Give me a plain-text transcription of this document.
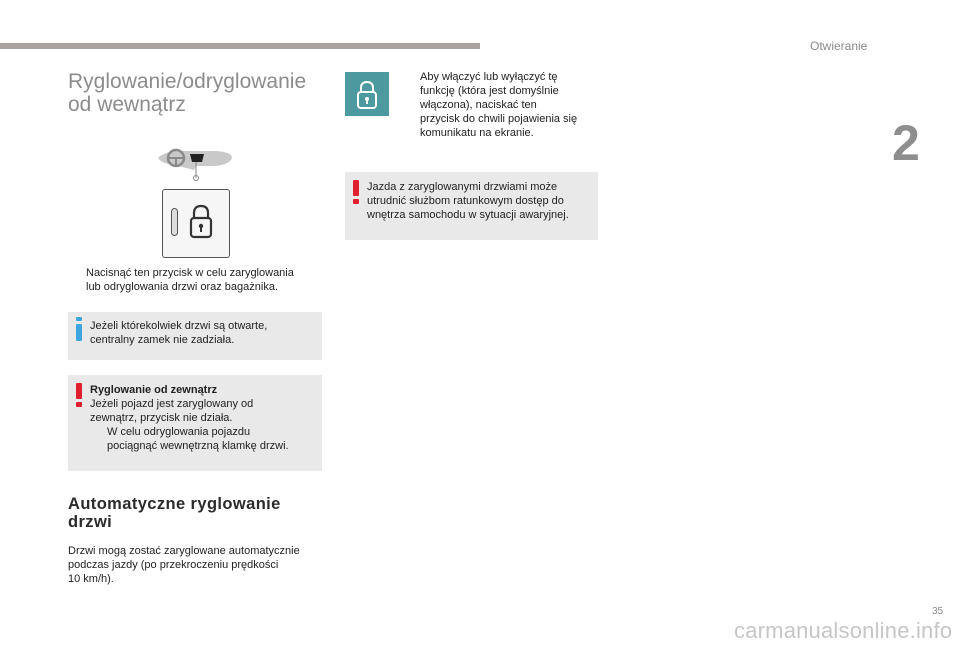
Otwieranie
2
Ryglowanie/odryglowanie
od wewnątrz
Nacisnąć ten przycisk w celu zaryglowania
lub odryglowania drzwi oraz bagażnika.
Jeżeli którekolwiek drzwi są otwarte,
centralny zamek nie zadziała.
Ryglowanie od zewnątrz
Jeżeli pojazd jest zaryglowany od
zewnątrz, przycisk nie działa.
W celu odryglowania pojazdu
pociągnąć wewnętrzną klamkę drzwi.
Automatyczne ryglowanie
drzwi
Drzwi mogą zostać zaryglowane automatycznie
podczas jazdy (po przekroczeniu prędkości
10 km/h).
Aby włączyć lub wyłączyć tę
funkcję (która jest domyślnie
włączona), naciskać ten
przycisk do chwili pojawienia się
komunikatu na ekranie.
Jazda z zaryglowanymi drzwiami może
utrudnić służbom ratunkowym dostęp do
wnętrza samochodu w sytuacji awaryjnej.
35
carmanualsonline.info
